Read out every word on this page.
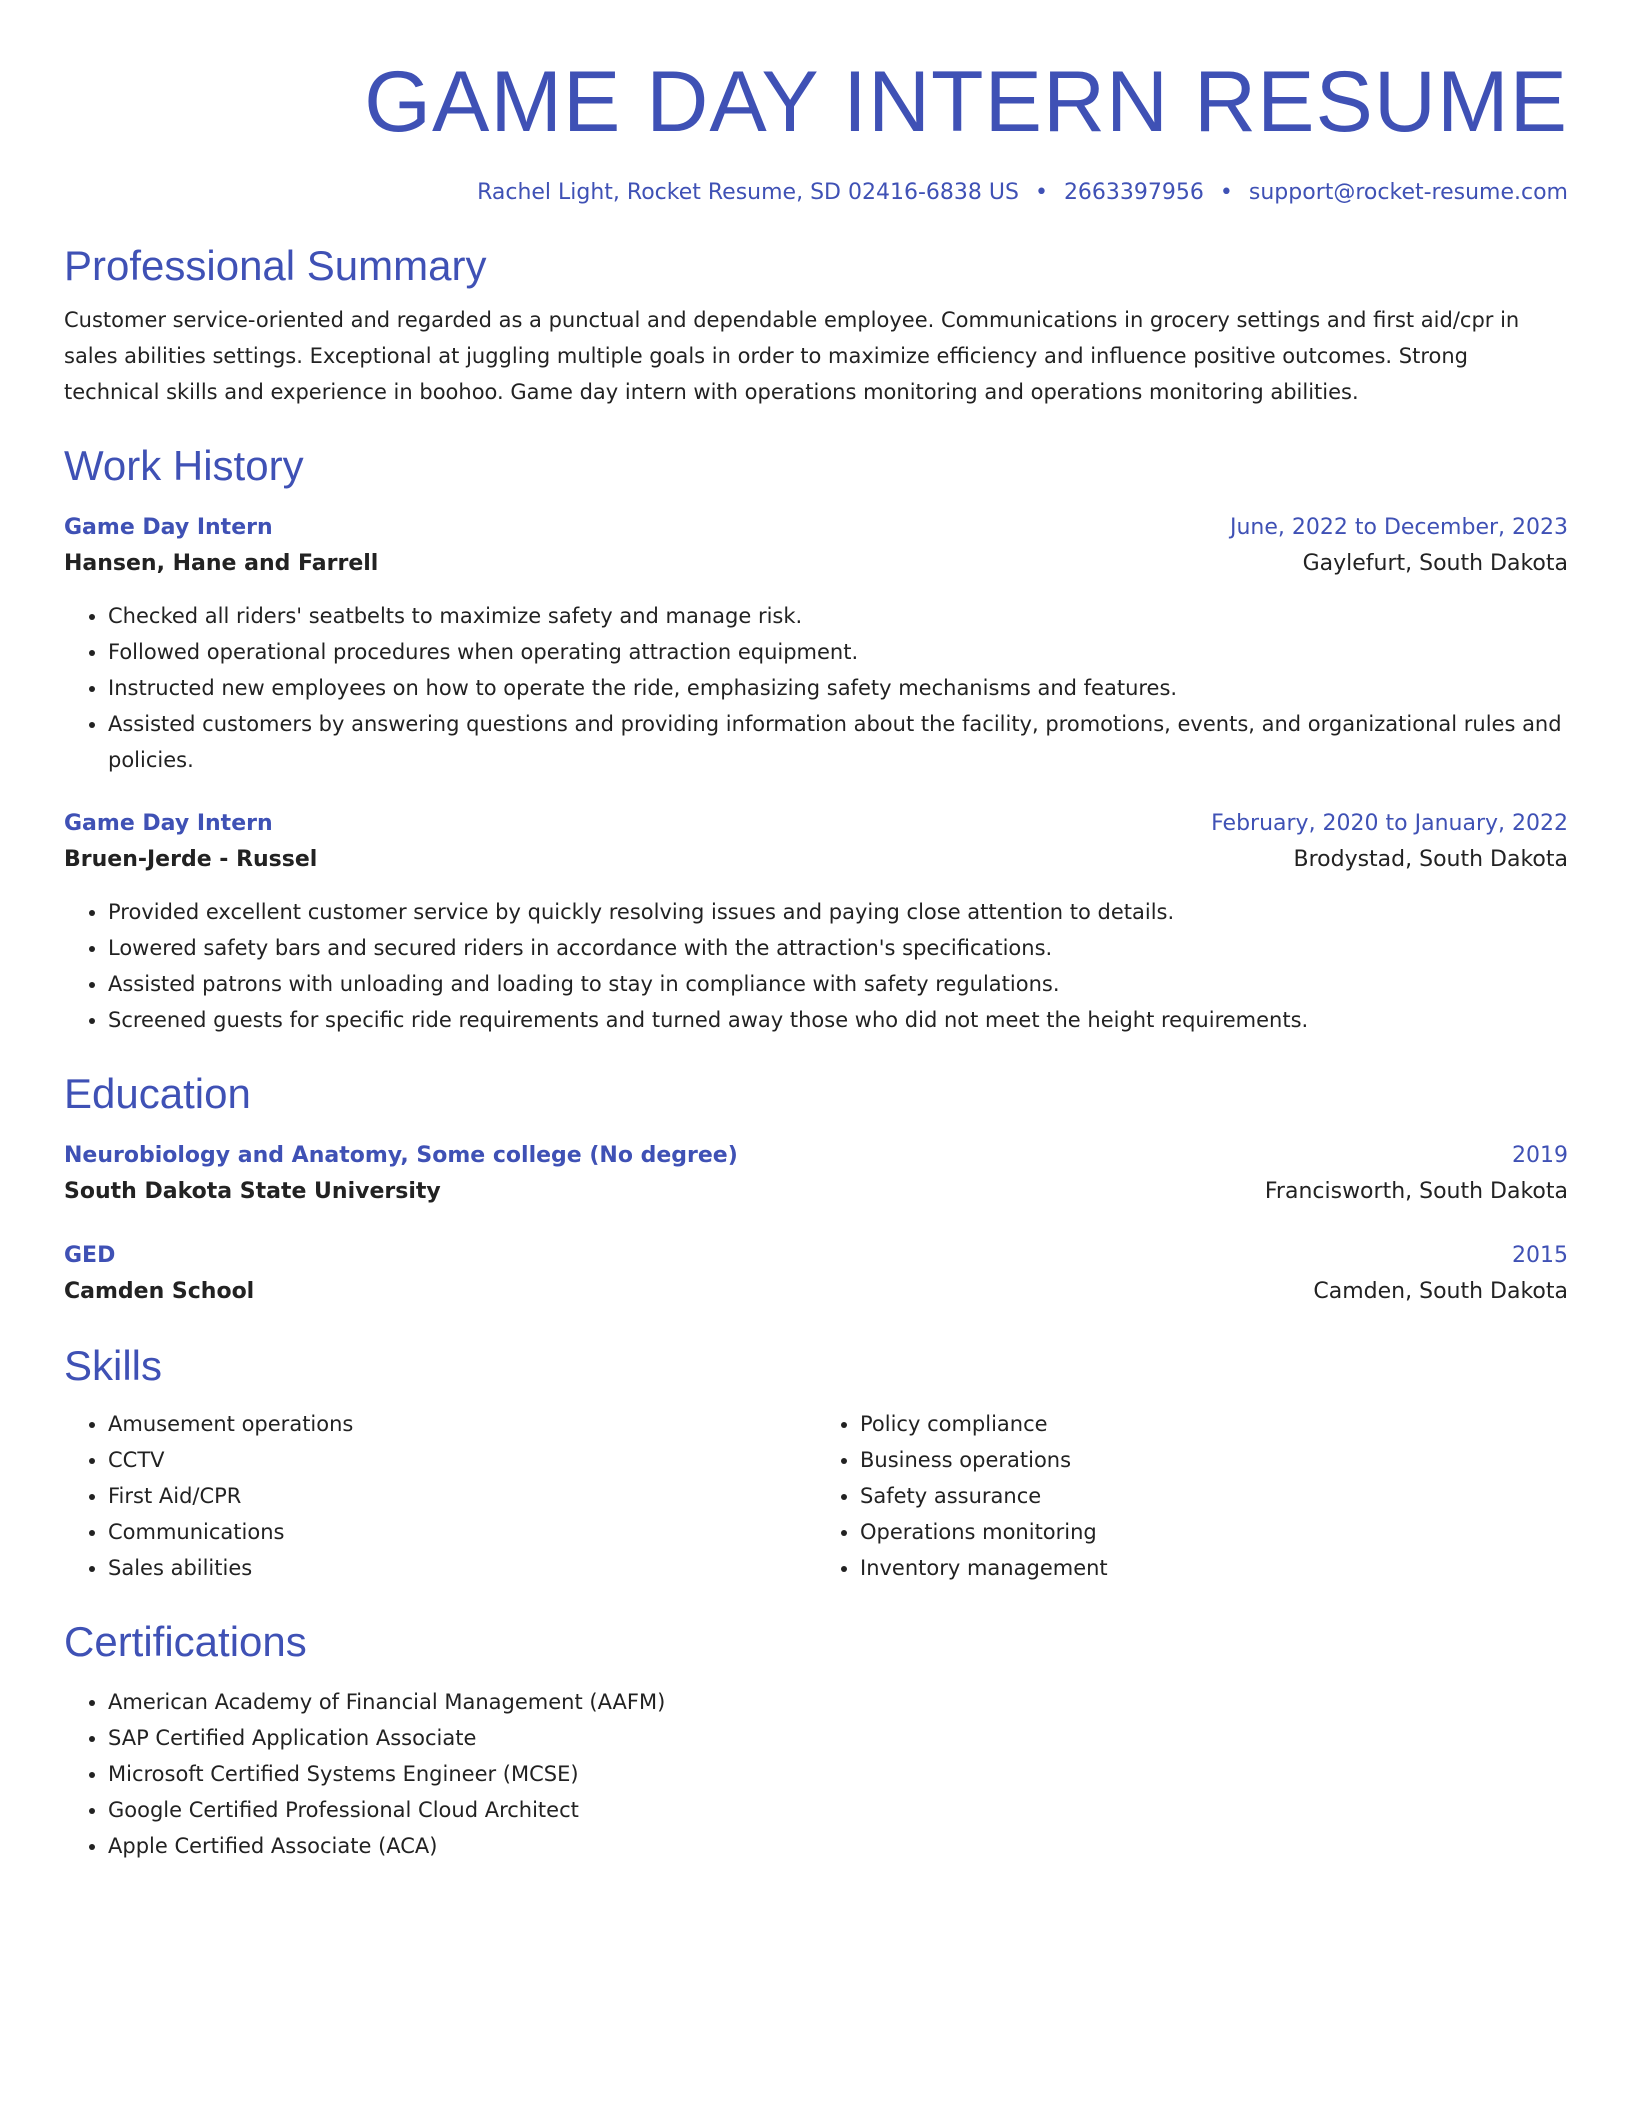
GAME DAY INTERN RESUME
Rachel Light, Rocket Resume, SD 02416-6838 US • 2663397956 • support@rocket-resume.com
Professional Summary

Customer service-oriented and regarded as a punctual and dependable employee. Communications in grocery settings and first aid/cpr in sales abilities settings. Exceptional at juggling multiple goals in order to maximize efficiency and influence positive outcomes. Strong technical skills and experience in boohoo. Game day intern with operations monitoring and operations monitoring abilities.

Work History
Game Day Intern	June, 2022 to December, 2023
Hansen, Hane and Farrell	Gaylefurt, South Dakota
• Checked all riders' seatbelts to maximize safety and manage risk.
• Followed operational procedures when operating attraction equipment.
• Instructed new employees on how to operate the ride, emphasizing safety mechanisms and features.
• Assisted customers by answering questions and providing information about the facility, promotions, events, and organizational rules and policies.
Game Day Intern	February, 2020 to January, 2022
Bruen-Jerde - Russel	Brodystad, South Dakota
• Provided excellent customer service by quickly resolving issues and paying close attention to details.
• Lowered safety bars and secured riders in accordance with the attraction's specifications.
• Assisted patrons with unloading and loading to stay in compliance with safety regulations.
• Screened guests for specific ride requirements and turned away those who did not meet the height requirements.
Education
Neurobiology and Anatomy, Some college (No degree)	2019
South Dakota State University	Francisworth, South Dakota
GED	2015
Camden School	Camden, South Dakota
Skills
• Amusement operations
• CCTV
• First Aid/CPR
• Communications
• Sales abilities
• Policy compliance
• Business operations
• Safety assurance
• Operations monitoring
• Inventory management
Certifications
• American Academy of Financial Management (AAFM)
• SAP Certified Application Associate
• Microsoft Certified Systems Engineer (MCSE)
• Google Certified Professional Cloud Architect
• Apple Certified Associate (ACA)
